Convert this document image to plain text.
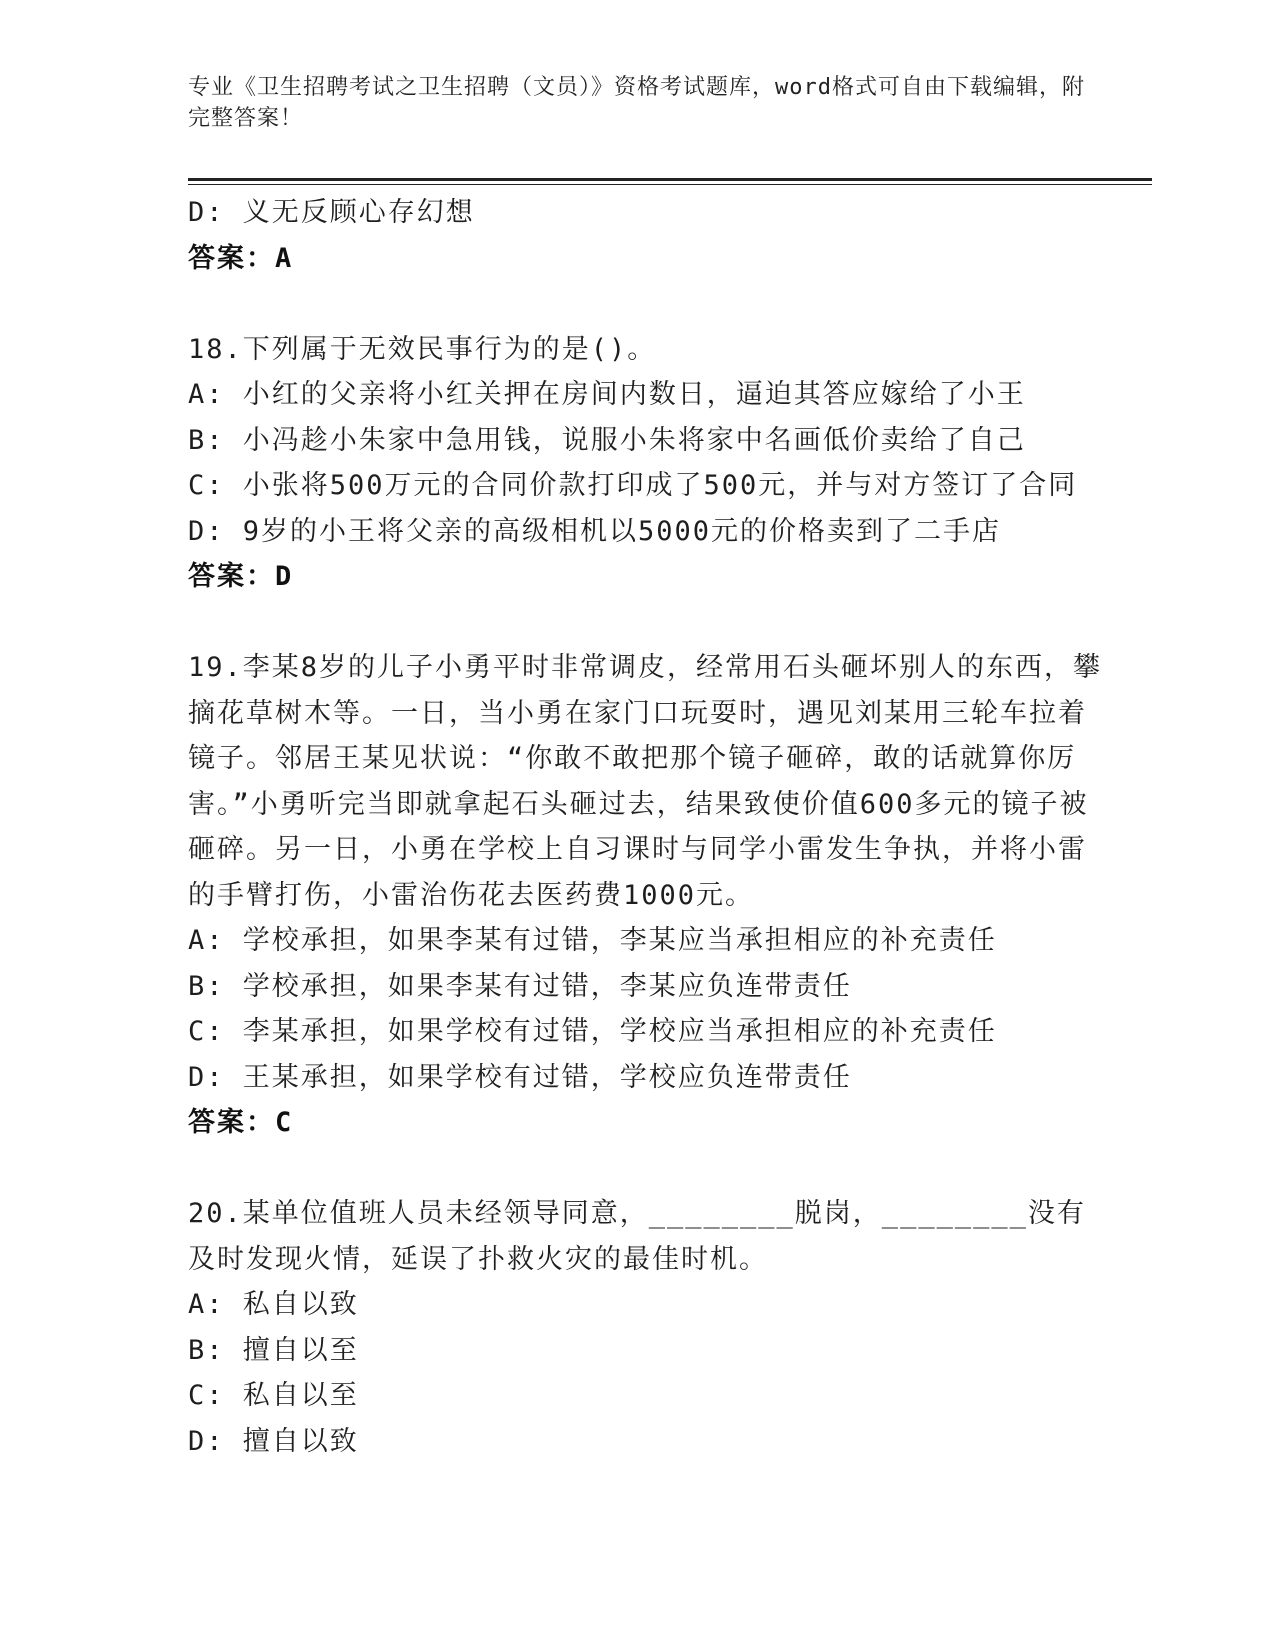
专业《卫生招聘考试之卫生招聘（文员）》资格考试题库，word格式可自由下载编辑，附完整答案！
D: 义无反顾心存幻想
答案：A
18.下列属于无效民事行为的是()。
A: 小红的父亲将小红关押在房间内数日，逼迫其答应嫁给了小王
B: 小冯趁小朱家中急用钱，说服小朱将家中名画低价卖给了自己
C: 小张将500万元的合同价款打印成了500元，并与对方签订了合同
D: 9岁的小王将父亲的高级相机以5000元的价格卖到了二手店
答案：D
19.李某8岁的儿子小勇平时非常调皮，经常用石头砸坏别人的东西，攀摘花草树木等。一日，当小勇在家门口玩耍时，遇见刘某用三轮车拉着镜子。邻居王某见状说：“你敢不敢把那个镜子砸碎，敢的话就算你厉害。”小勇听完当即就拿起石头砸过去，结果致使价值600多元的镜子被砸碎。另一日，小勇在学校上自习课时与同学小雷发生争执，并将小雷的手臂打伤，小雷治伤花去医药费1000元。
A: 学校承担，如果李某有过错，李某应当承担相应的补充责任
B: 学校承担，如果李某有过错，李某应负连带责任
C: 李某承担，如果学校有过错，学校应当承担相应的补充责任
D: 王某承担，如果学校有过错，学校应负连带责任
答案：C
20.某单位值班人员未经领导同意，________脱岗，________没有及时发现火情，延误了扑救火灾的最佳时机。
A: 私自以致
B: 擅自以至
C: 私自以至
D: 擅自以致
